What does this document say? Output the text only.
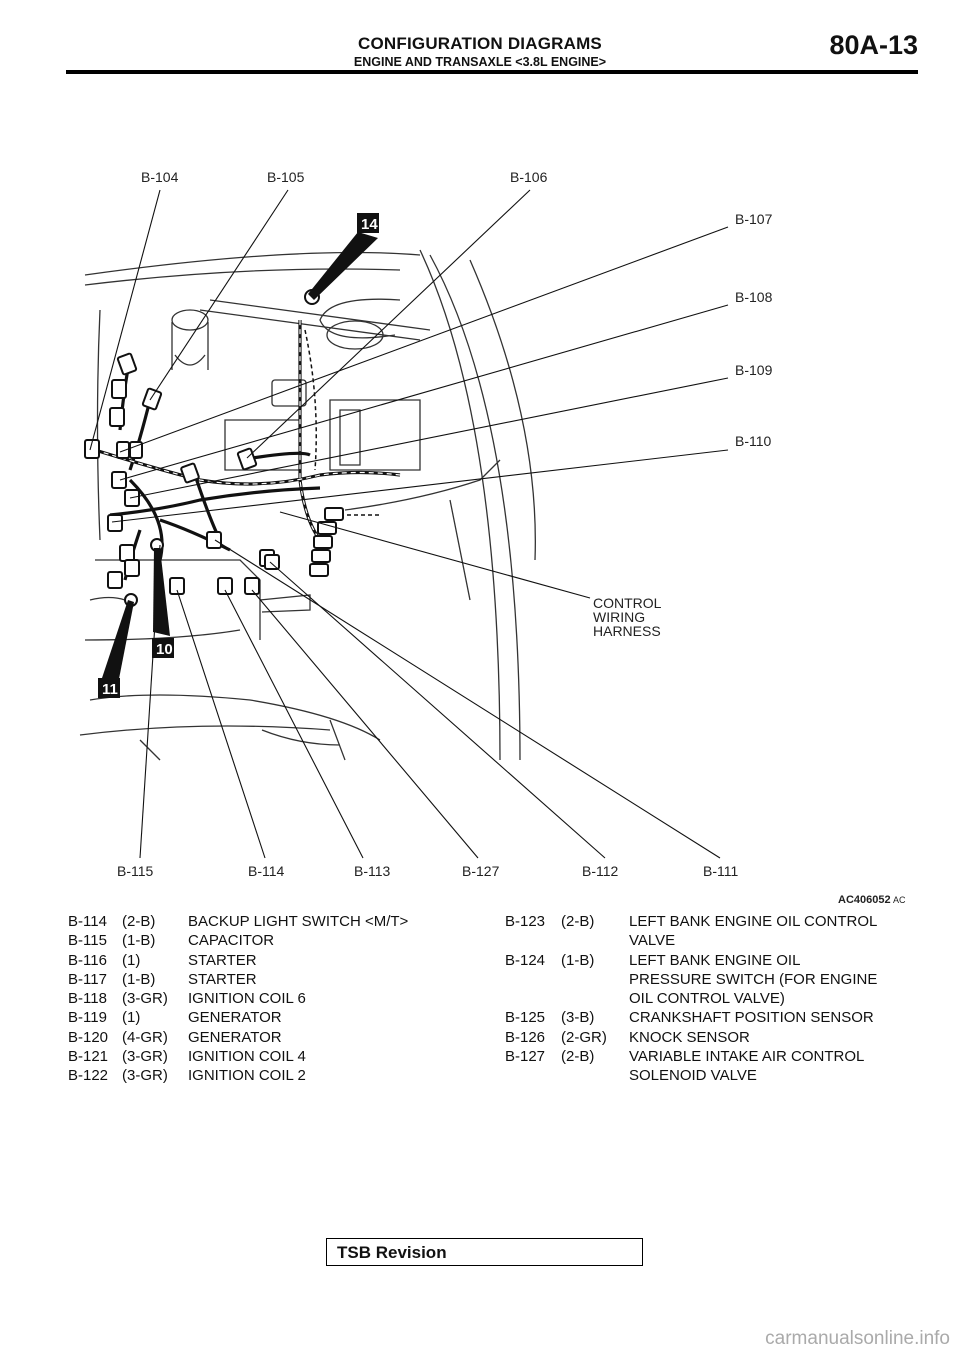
CONFIGURATION DIAGRAMS
ENGINE AND TRANSAXLE <3.8L ENGINE>
80A-13
14
10
11
B-104	B-105	B-106
B-107
B-108
B-109
B-110
CONTROL
WIRING
HARNESS
B-115	B-114	B-113	B-127	B-112	B-111
AC406052 AC
B-114	(2-B)	BACKUP LIGHT SWITCH <M/T>
B-115	(1-B)	CAPACITOR
B-116	(1)	STARTER
B-117	(1-B)	STARTER
B-118	(3-GR)	IGNITION COIL 6
B-119	(1)	GENERATOR
B-120 (4-GR)	GENERATOR
B-121 (3-GR)	IGNITION COIL 4
B-122 (3-GR)	IGNITION COIL 2
B-123	(2-B)	LEFT BANK ENGINE OIL CONTROL
VALVE
B-124	(1-B)	LEFT BANK ENGINE OIL
PRESSURE SWITCH (FOR ENGINE
OIL CONTROL VALVE)
B-125	(3-B)	CRANKSHAFT POSITION SENSOR
B-126	(2-GR)	KNOCK SENSOR
B-127	(2-B)	VARIABLE INTAKE AIR CONTROL
SOLENOID VALVE
TSB Revision
carmanualsonline.info
